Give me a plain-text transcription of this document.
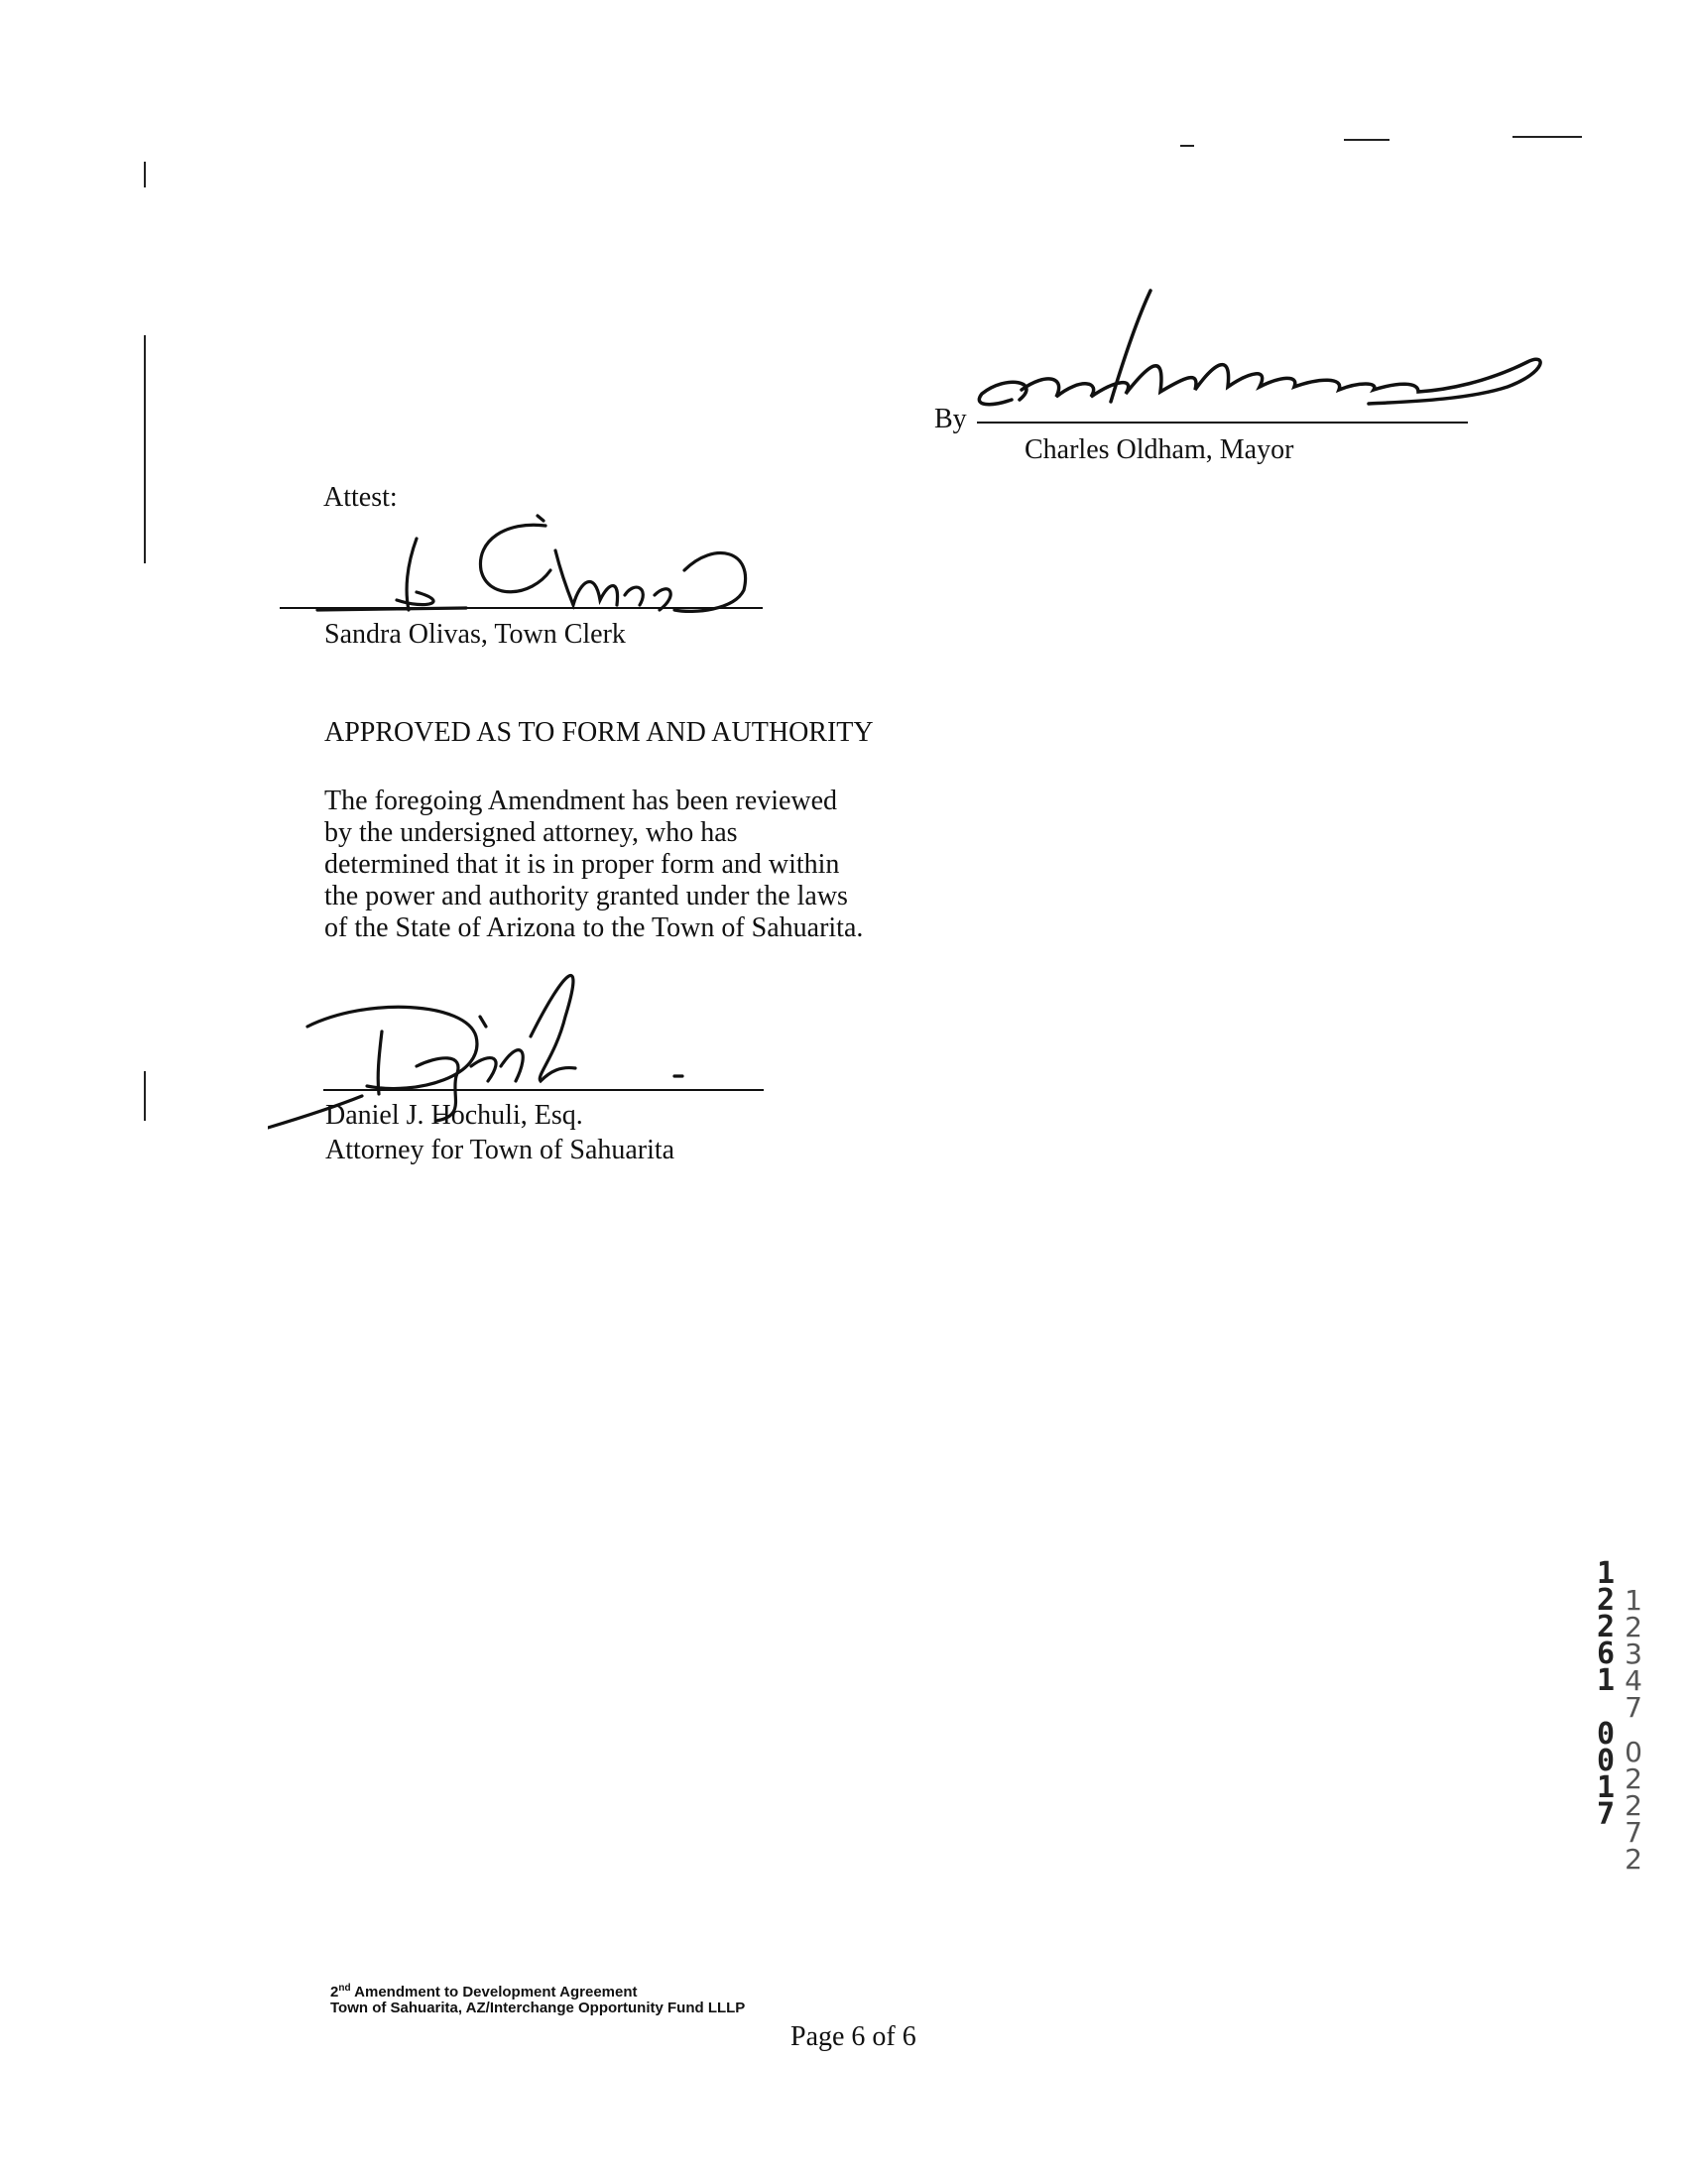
By
Charles Oldham, Mayor
Attest:
Sandra Olivas, Town Clerk
APPROVED AS TO FORM AND AUTHORITY
The foregoing Amendment has been reviewed
by the undersigned attorney, who has
determined that it is in proper form and within
the power and authority granted under the laws
of the State of Arizona to the Town of Sahuarita.
Daniel J. Hochuli, Esq.
Attorney for Town of Sahuarita
1
2
2
6
1
0
0
1
7
1
2
3
4
7
0
2
2
7
2
2nd Amendment to Development Agreement
Town of Sahuarita, AZ/Interchange Opportunity Fund LLLP
Page 6 of 6
